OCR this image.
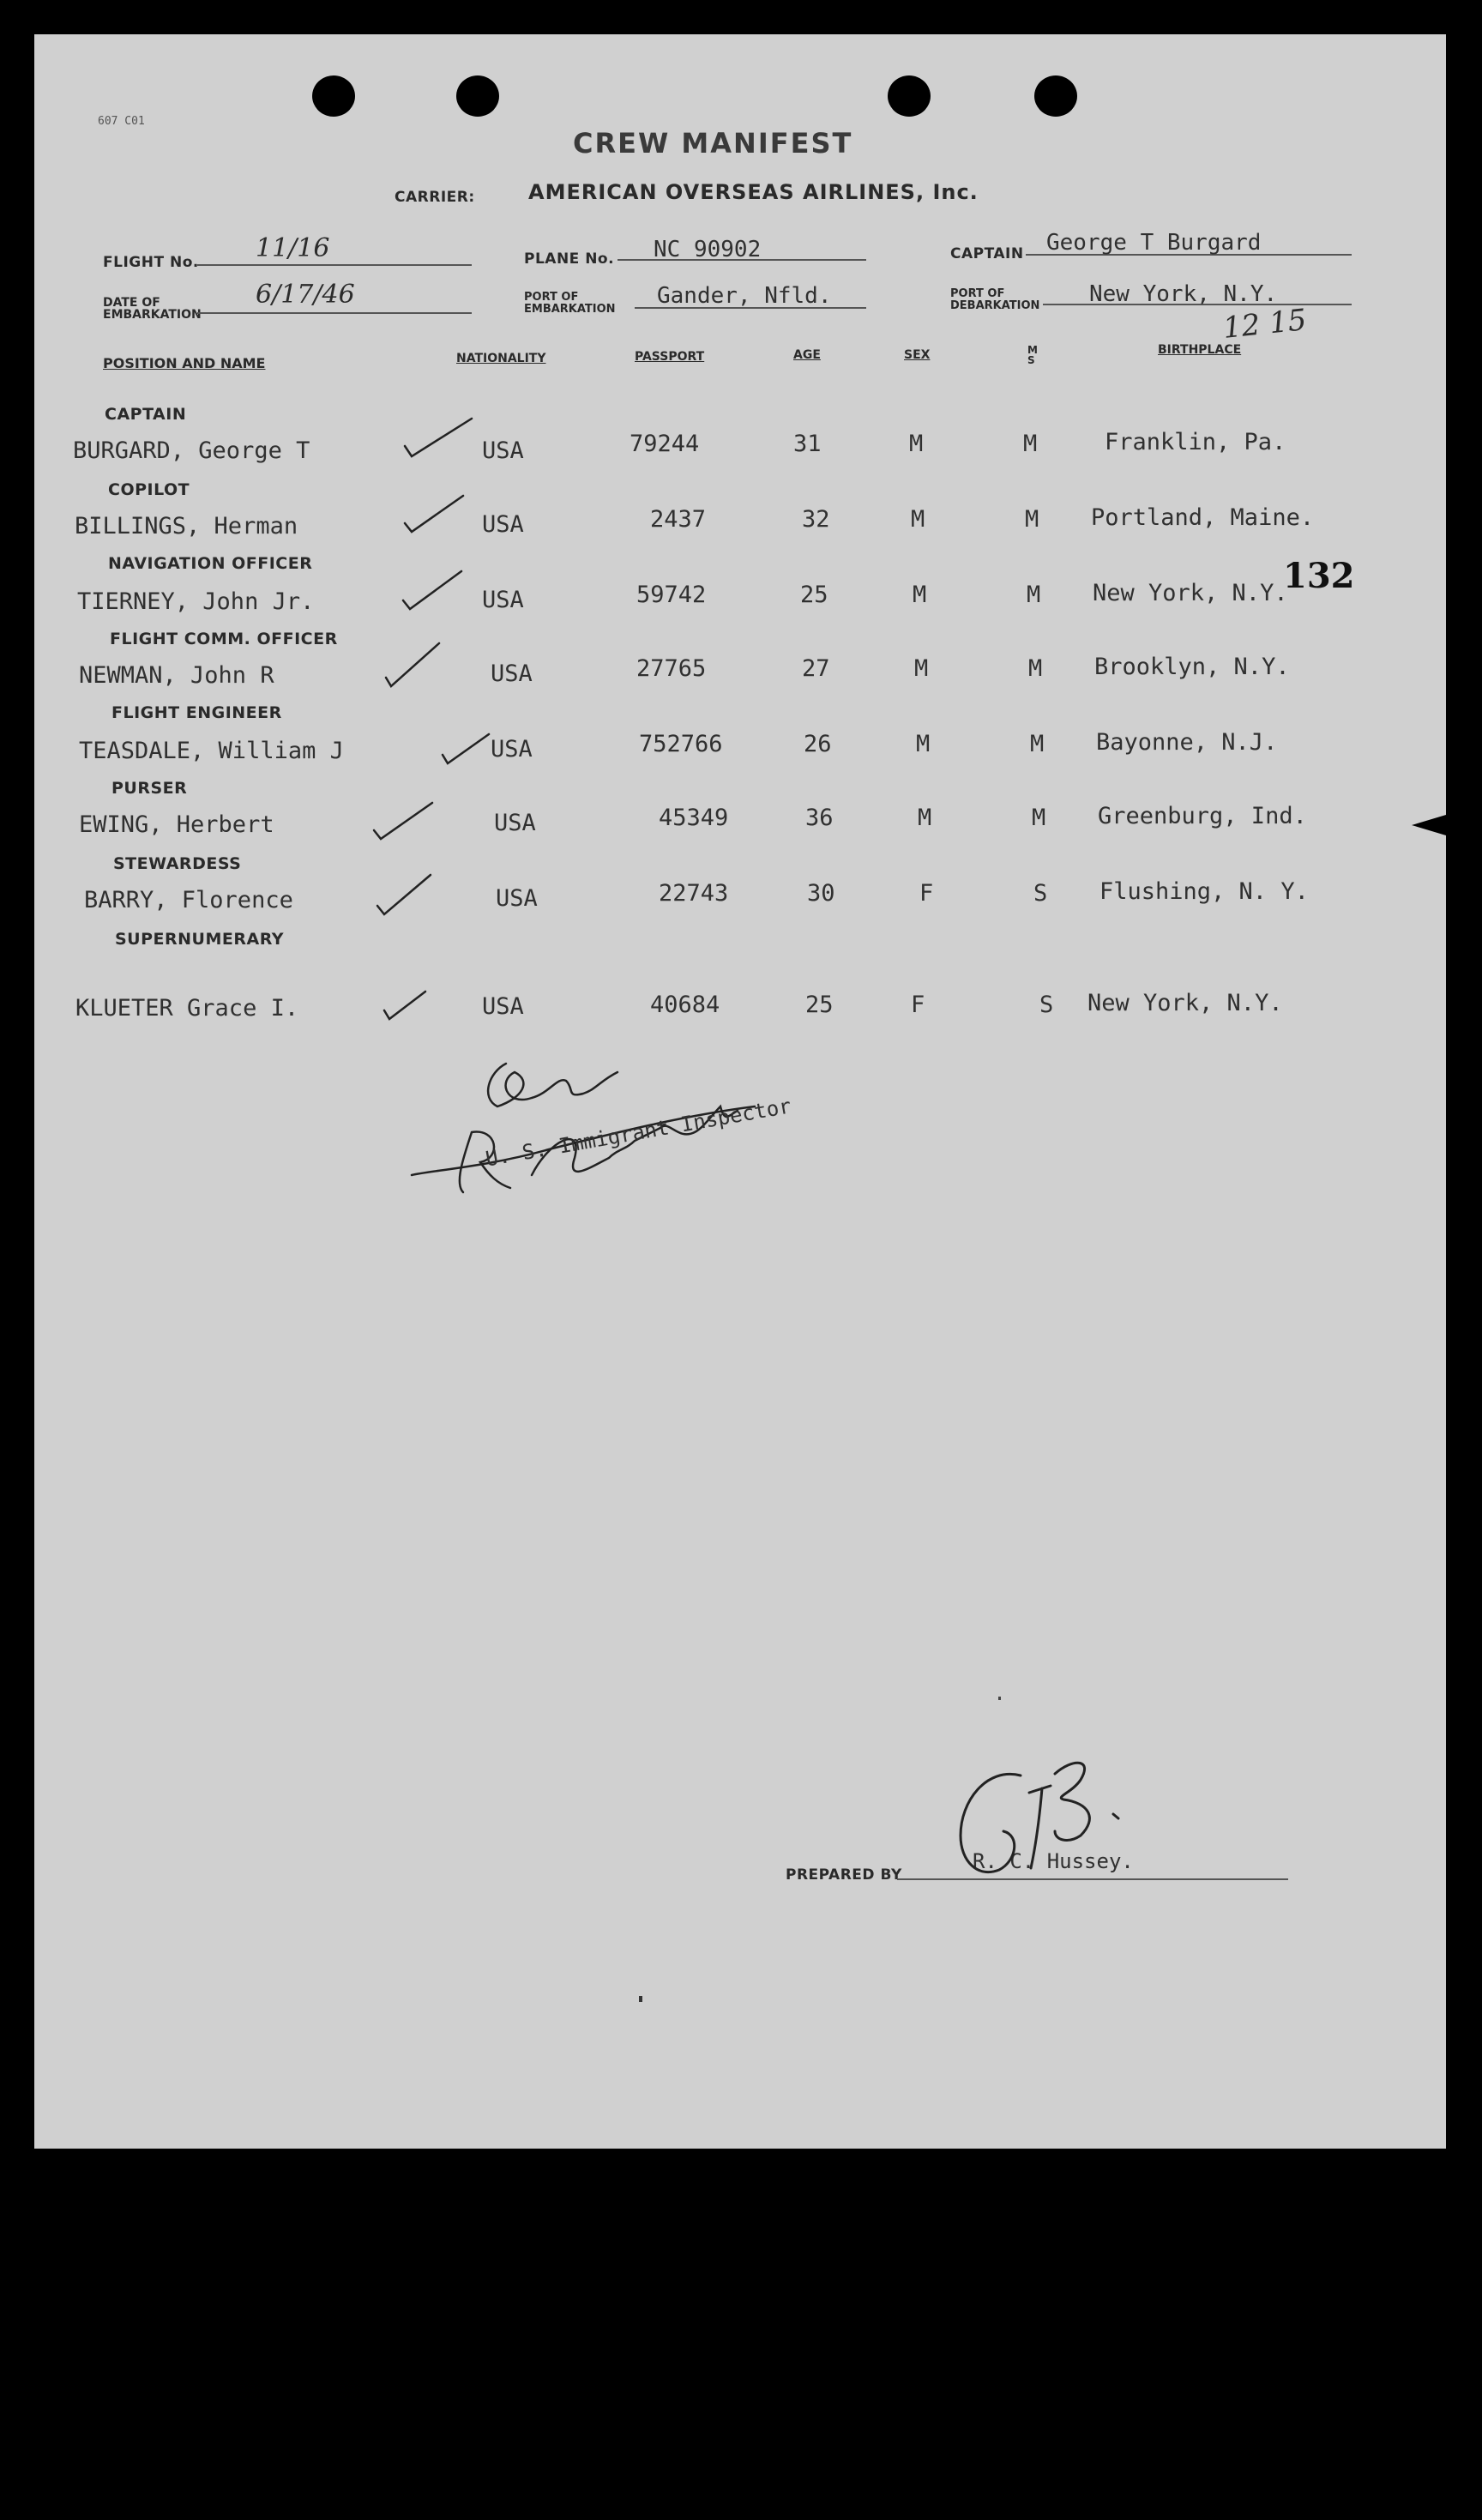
607 C01
CREW MANIFEST
CARRIER:	AMERICAN OVERSEAS AIRLINES, Inc.
FLIGHT No. 11/16	PLANE No. NC 90902	CAPTAIN George T Burgard
DATE OF
EMBARKATION
6/17/46	PORT OF
EMBARKATION
Gander, Nfld.	PORT OF
DEBARKATION New York, N.Y.
12 15
POSITION AND NAME	NATIONALITY	PASSPORT	AGE	SEX	M
S
BIRTHPLACE
CAPTAIN
BURGARD, George T	USA	79244	31	M	M	Franklin, Pa.
COPILOT
BILLINGS, Herman	USA	2437	32	M	M Portland, Maine.
NAVIGATION OFFICER
TIERNEY, John Jr.	USA	59742	25	M	M New York, N.Y.
FLIGHT COMM. OFFICER
NEWMAN, John R	USA	27765	27	M	M Brooklyn, N.Y.
FLIGHT ENGINEER
TEASDALE, William J	USA	752766	26	M	M Bayonne, N.J.
PURSER
EWING, Herbert	USA	45349	36	M	M Greenburg, Ind.
STEWARDESS
BARRY, Florence	USA	22743	30	F	S Flushing, N. Y.
SUPERNUMERARY
KLUETER Grace I.	USA	40684	25	F	S New York, N.Y.
132
U. S. Immigrant Inspector
PREPARED BY
R. C. Hussey.
